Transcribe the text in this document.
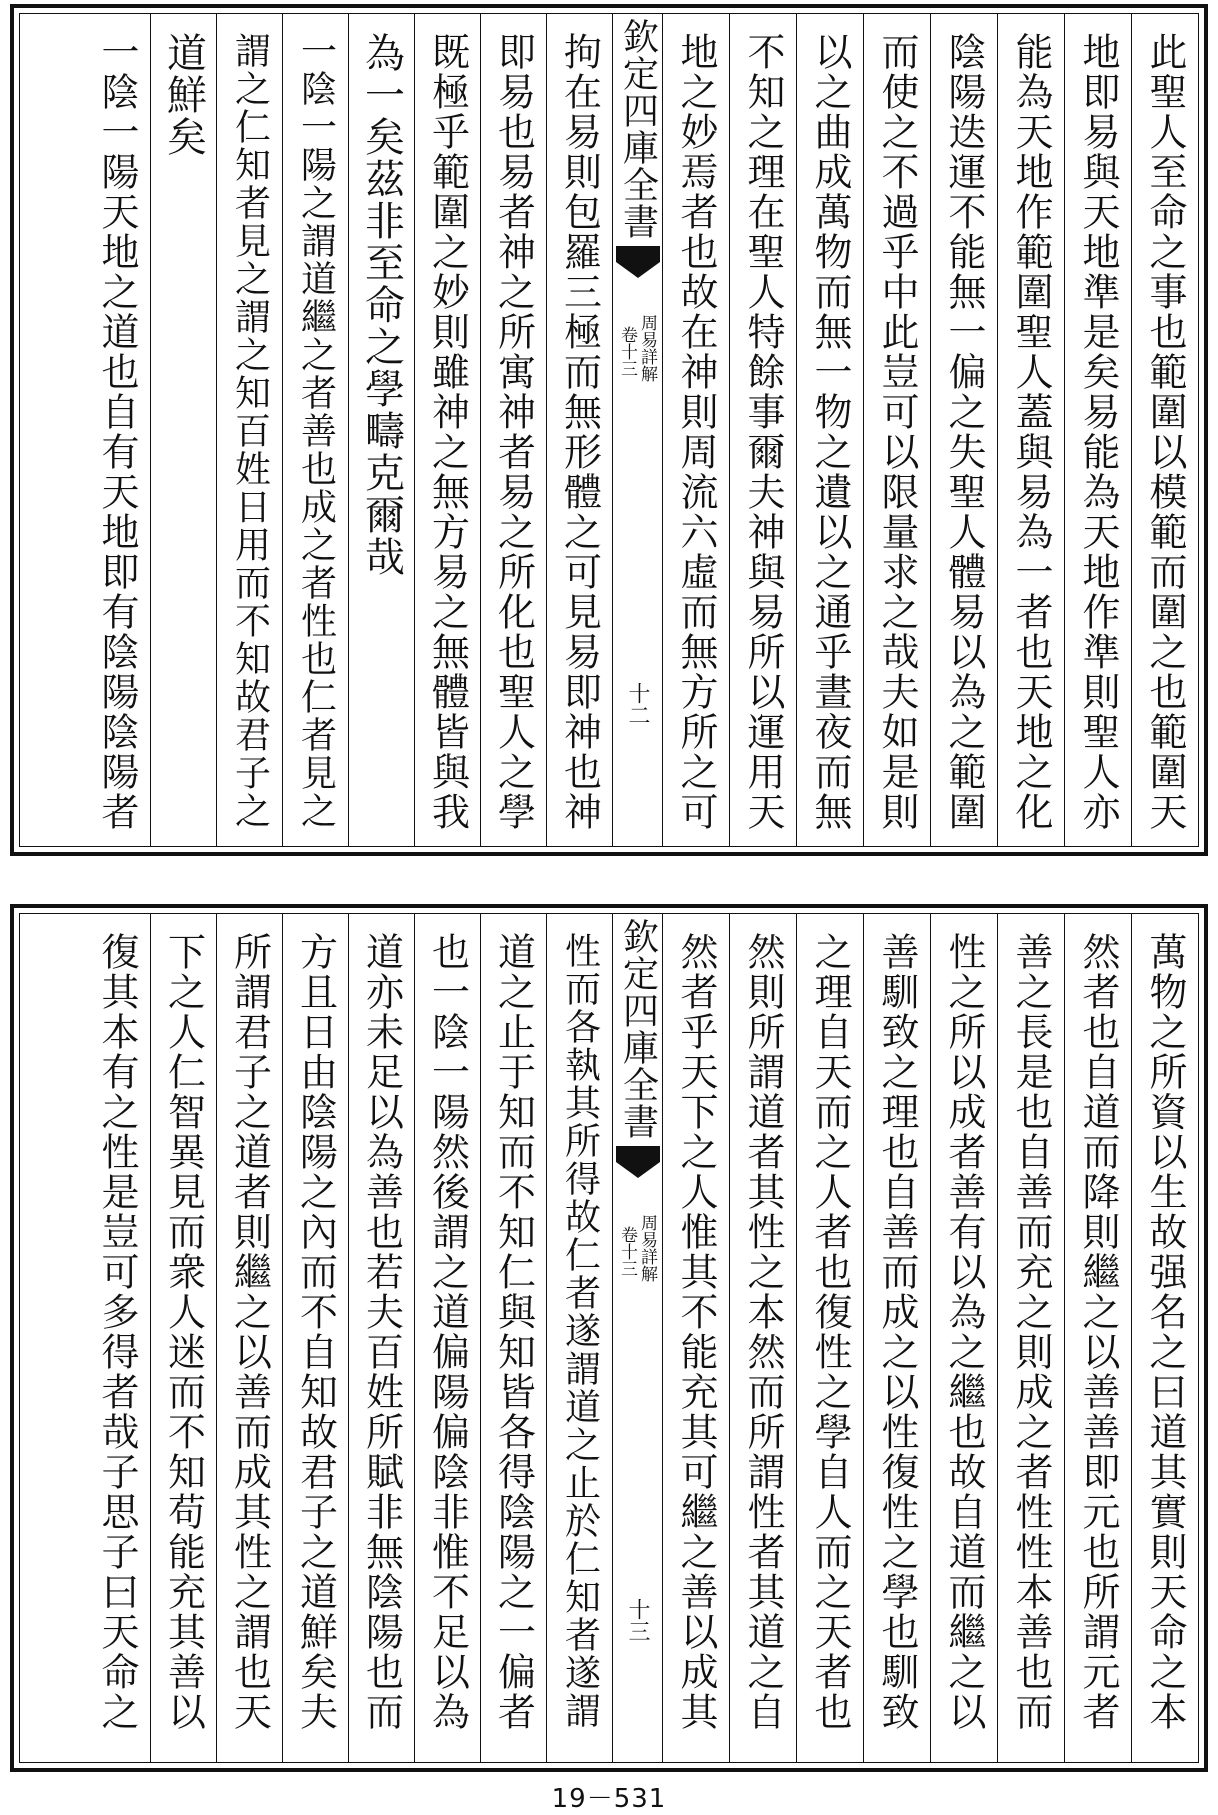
此聖人至命之事也範圍以模範而圍之也範圍天
地即易與天地準是矣易能為天地作準則聖人亦
能為天地作範圍聖人蓋與易為一者也天地之化
陰陽迭運不能無一偏之失聖人體易以為之範圍
而使之不過乎中此豈可以限量求之哉夫如是則
以之曲成萬物而無一物之遺以之通乎晝夜而無
不知之理在聖人特餘事爾夫神與易所以運用天
地之妙焉者也故在神則周流六虛而無方所之可
欽定四庫全書
周易詳解
卷十三
十二
拘在易則包羅三極而無形體之可見易即神也神
即易也易者神之所寓神者易之所化也聖人之學
既極乎範圍之妙則雖神之無方易之無體皆與我
為一矣茲非至命之學疇克爾哉
一陰一陽之謂道繼之者善也成之者性也仁者見之
謂之仁知者見之謂之知百姓日用而不知故君子之
道鮮矣
一陰一陽天地之道也自有天地即有陰陽陰陽者
萬物之所資以生故强名之曰道其實則天命之本
然者也自道而降則繼之以善善即元也所謂元者
善之長是也自善而充之則成之者性性本善也而
性之所以成者善有以為之繼也故自道而繼之以
善馴致之理也自善而成之以性復性之學也馴致
之理自天而之人者也復性之學自人而之天者也
然則所謂道者其性之本然而所謂性者其道之自
然者乎天下之人惟其不能充其可繼之善以成其
欽定四庫全書
周易詳解
卷十三
十三
性而各執其所得故仁者遂謂道之止於仁知者遂謂
道之止于知而不知仁與知皆各得陰陽之一偏者
也一陰一陽然後謂之道偏陽偏陰非惟不足以為
道亦未足以為善也若夫百姓所賦非無陰陽也而
方且日由陰陽之內而不自知故君子之道鮮矣夫
所謂君子之道者則繼之以善而成其性之謂也天
下之人仁智異見而衆人迷而不知苟能充其善以
復其本有之性是豈可多得者哉子思子曰天命之
19－531
